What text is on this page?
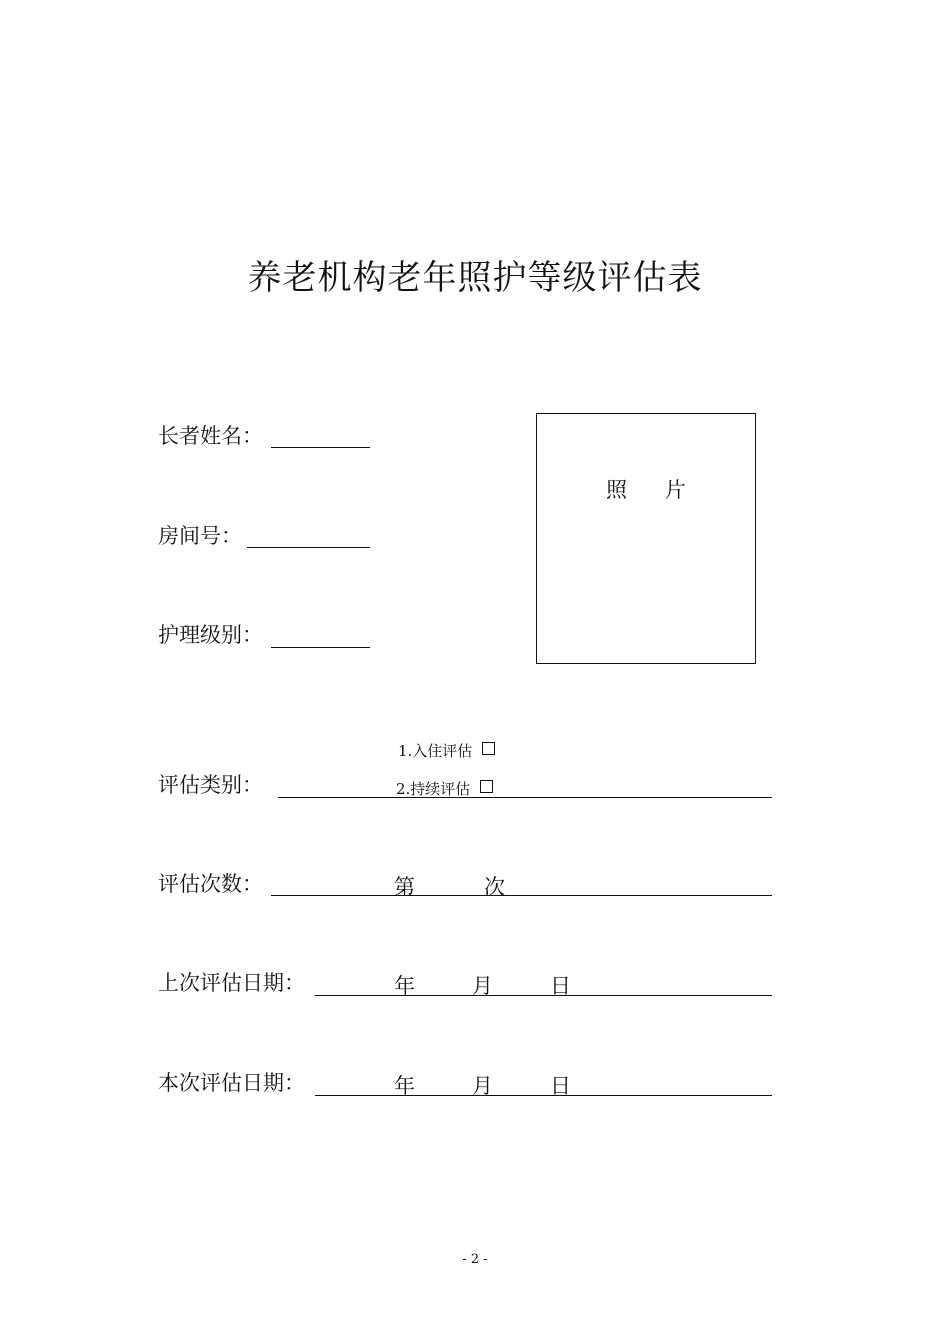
养老机构老年照护等级评估表
长者姓名：
房间号：
护理级别：
照 片
评估类别：
1.入住评估
2.持续评估
评估次数：	第	次
上次评估日期：	年	月	日
本次评估日期：	年	月	日
- 2 -
